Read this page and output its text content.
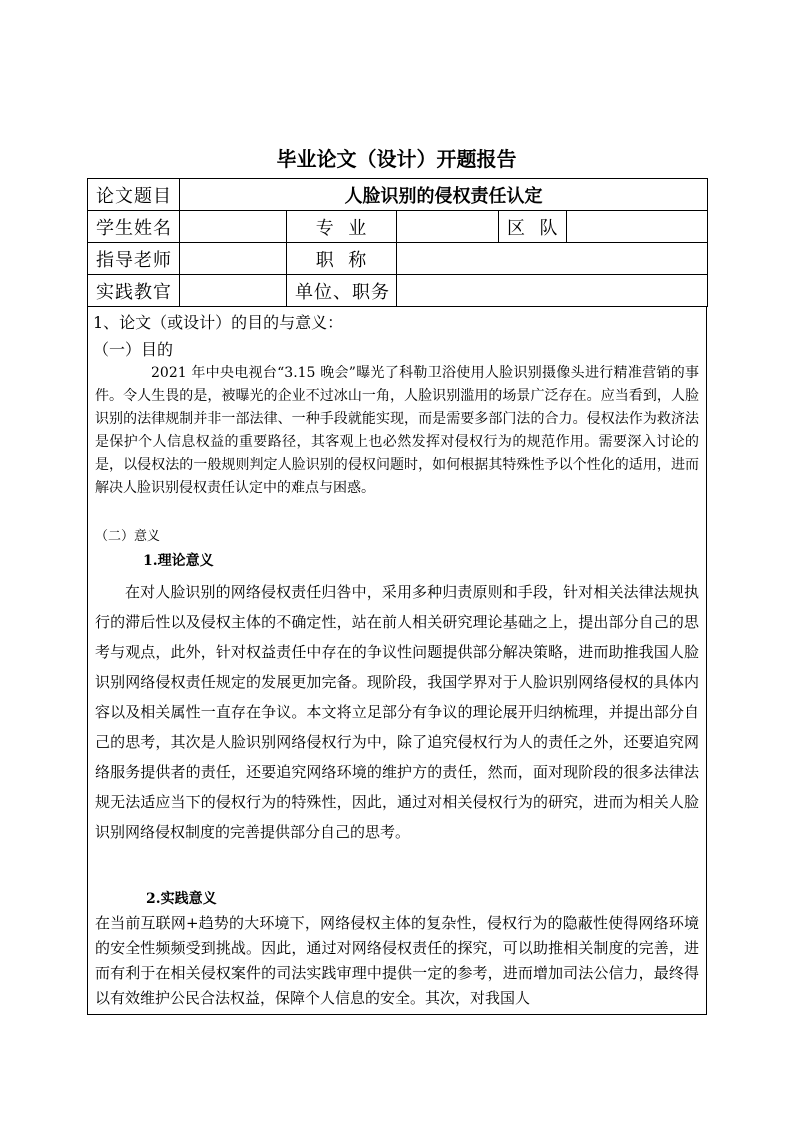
毕业论文（设计）开题报告
论文题目	人脸识别的侵权责任认定				
学生姓名		专  业		区  队	
指导老师		职  称			
实践教官		单位、职务			

1、论文（或设计）的目的与意义：

（一）目的

2021 年中央电视台“3.15 晚会”曝光了科勒卫浴使用人脸识别摄像头进行精准营销的事件。令人生畏的是，被曝光的企业不过冰山一角，人脸识别滥用的场景广泛存在。应当看到，人脸识别的法律规制并非一部法律、一种手段就能实现，而是需要多部门法的合力。侵权法作为救济法是保护个人信息权益的重要路径，其客观上也必然发挥对侵权行为的规范作用。需要深入讨论的是，以侵权法的一般规则判定人脸识别的侵权问题时，如何根据其特殊性予以个性化的适用，进而解决人脸识别侵权责任认定中的难点与困惑。

（二）意义

1.理论意义

在对人脸识别的网络侵权责任归咎中，采用多种归责原则和手段，针对相关法律法规执行的滞后性以及侵权主体的不确定性，站在前人相关研究理论基础之上，提出部分自己的思考与观点，此外，针对权益责任中存在的争议性问题提供部分解决策略，进而助推我国人脸识别网络侵权责任规定的发展更加完备。现阶段，我国学界对于人脸识别网络侵权的具体内容以及相关属性一直存在争议。本文将立足部分有争议的理论展开归纳梳理，并提出部分自己的思考，其次是人脸识别网络侵权行为中，除了追究侵权行为人的责任之外，还要追究网络服务提供者的责任，还要追究网络环境的维护方的责任，然而，面对现阶段的很多法律法规无法适应当下的侵权行为的特殊性，因此，通过对相关侵权行为的研究，进而为相关人脸识别网络侵权制度的完善提供部分自己的思考。

2.实践意义

在当前互联网+趋势的大环境下，网络侵权主体的复杂性，侵权行为的隐蔽性使得网络环境的安全性频频受到挑战。因此，通过对网络侵权责任的探究，可以助推相关制度的完善，进而有利于在相关侵权案件的司法实践审理中提供一定的参考，进而增加司法公信力，最终得以有效维护公民合法权益，保障个人信息的安全。其次，对我国人
